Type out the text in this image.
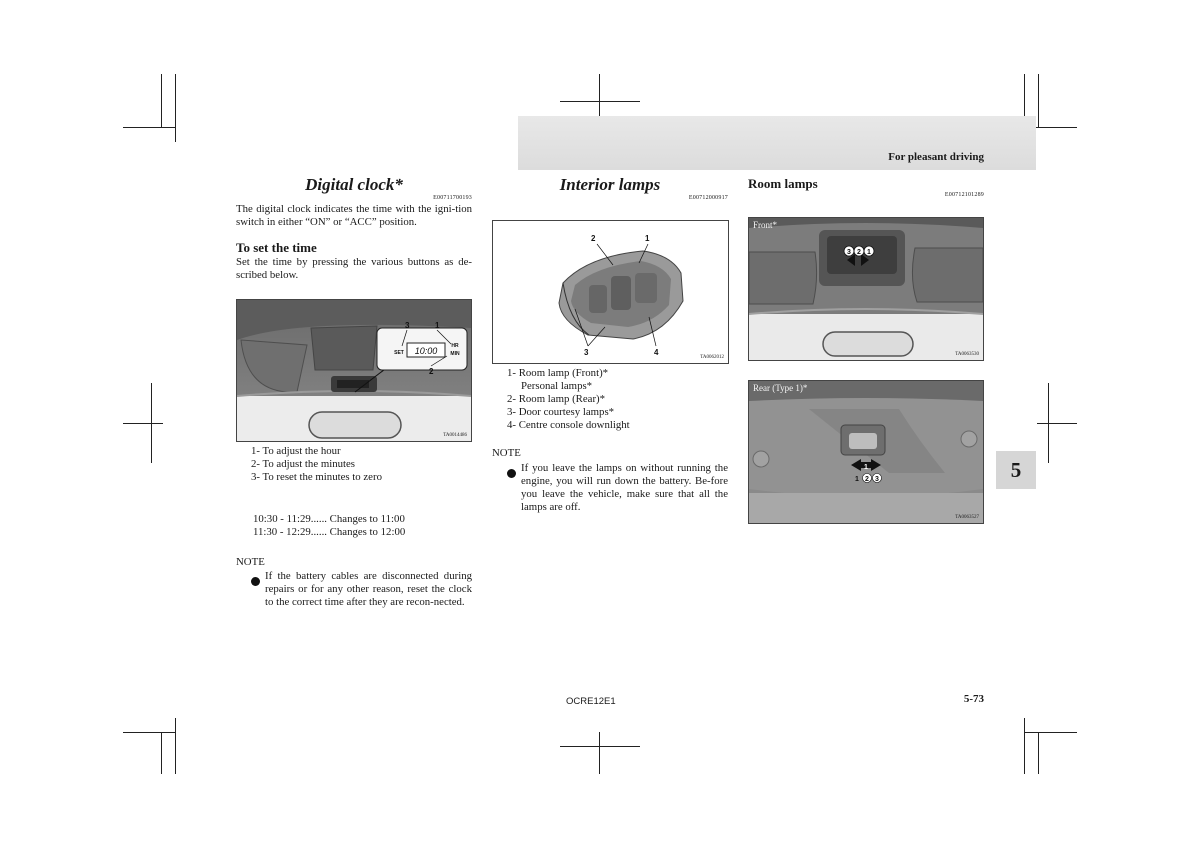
For pleasant driving
5
Digital clock*
E00711700193
The digital clock indicates the time with the igni-tion switch in either “ON” or “ACC” position.
To set the time
Set the time by pressing the various buttons as de-scribed below.
10:00
SET
HR
MIN
3	1
2
TA0014486
1- To adjust the hour
2- To adjust the minutes
3- To reset the minutes to zero
10:30 - 11:29...... Changes to 11:00
11:30 - 12:29...... Changes to 12:00
NOTE
If the battery cables are disconnected during repairs or for any other reason, reset the clock to the correct time after they are recon-nected.
Interior lamps
E00712000917
2	1
3	4
TA0062012
1- Room lamp (Front)*
Personal lamps*
2- Room lamp (Rear)*
3- Door courtesy lamps*
4- Centre console downlight
NOTE
If you leave the lamps on without running the engine, you will run down the battery. Be-fore you leave the vehicle, make sure that all the lamps are off.
Room lamps
E00712101289
3 2 1
Front*
TA0063530
1
1 2 3
Rear (Type 1)*
TA0063527
OCRE12E1	5-73
